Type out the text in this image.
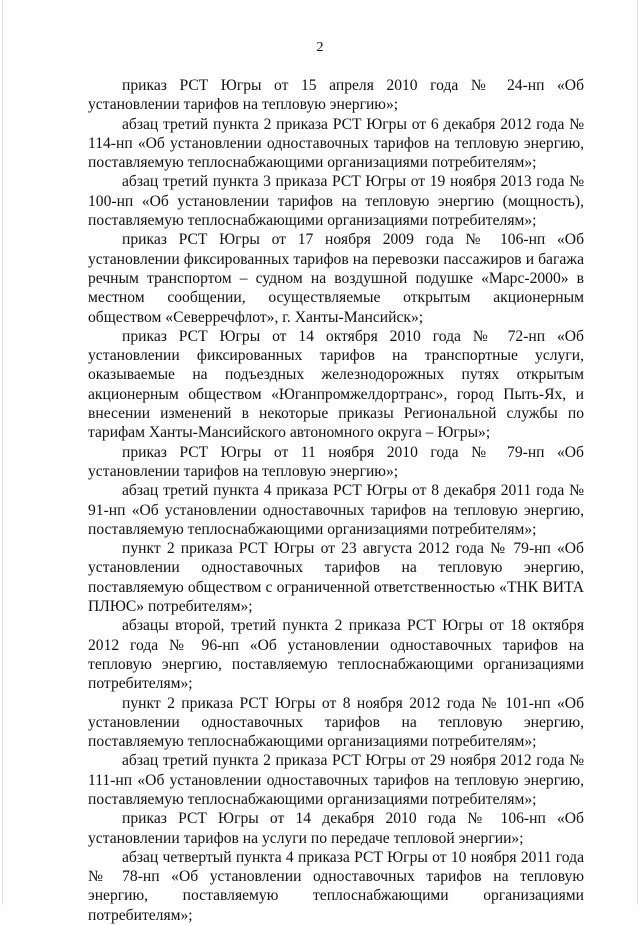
2

приказ РСТ Югры от 15 апреля 2010 года № 24-нп «Об установлении тарифов на тепловую энергию»;

абзац третий пункта 2 приказа РСТ Югры от 6 декабря 2012 года № 114-нп «Об установлении одноставочных тарифов на тепловую энергию, поставляемую теплоснабжающими организациями потребителям»;

абзац третий пункта 3 приказа РСТ Югры от 19 ноября 2013 года № 100-нп «Об установлении тарифов на тепловую энергию (мощность), поставляемую теплоснабжающими организациями потребителям»;

приказ РСТ Югры от 17 ноября 2009 года № 106-нп «Об установлении фиксированных тарифов на перевозки пассажиров и багажа речным транспортом – судном на воздушной подушке «Марс-2000» в местном сообщении, осуществляемые открытым акционерным обществом «Северречфлот», г. Ханты-Мансийск»;

приказ РСТ Югры от 14 октября 2010 года № 72-нп «Об установлении фиксированных тарифов на транспортные услуги, оказываемые на подъездных железнодорожных путях открытым акционерным обществом «Юганпромжелдортранс», город Пыть-Ях, и внесении изменений в некоторые приказы Региональной службы по тарифам Ханты-Мансийского автономного округа – Югры»;

приказ РСТ Югры от 11 ноября 2010 года № 79-нп «Об установлении тарифов на тепловую энергию»;

абзац третий пункта 4 приказа РСТ Югры от 8 декабря 2011 года № 91-нп «Об установлении одноставочных тарифов на тепловую энергию, поставляемую теплоснабжающими организациями потребителям»;

пункт 2 приказа РСТ Югры от 23 августа 2012 года № 79-нп «Об установлении одноставочных тарифов на тепловую энергию, поставляемую обществом с ограниченной ответственностью «ТНК ВИТА ПЛЮС» потребителям»;

абзацы второй, третий пункта 2 приказа РСТ Югры от 18 октября 2012 года № 96-нп «Об установлении одноставочных тарифов на тепловую энергию, поставляемую теплоснабжающими организациями потребителям»;

пункт 2 приказа РСТ Югры от 8 ноября 2012 года № 101-нп «Об установлении одноставочных тарифов на тепловую энергию, поставляемую теплоснабжающими организациями потребителям»;

абзац третий пункта 2 приказа РСТ Югры от 29 ноября 2012 года № 111-нп «Об установлении одноставочных тарифов на тепловую энергию, поставляемую теплоснабжающими организациями потребителям»;

приказ РСТ Югры от 14 декабря 2010 года № 106-нп «Об установлении тарифов на услуги по передаче тепловой энергии»;

абзац четвертый пункта 4 приказа РСТ Югры от 10 ноября 2011 года № 78-нп «Об установлении одноставочных тарифов на тепловую энергию, поставляемую теплоснабжающими организациями потребителям»;
